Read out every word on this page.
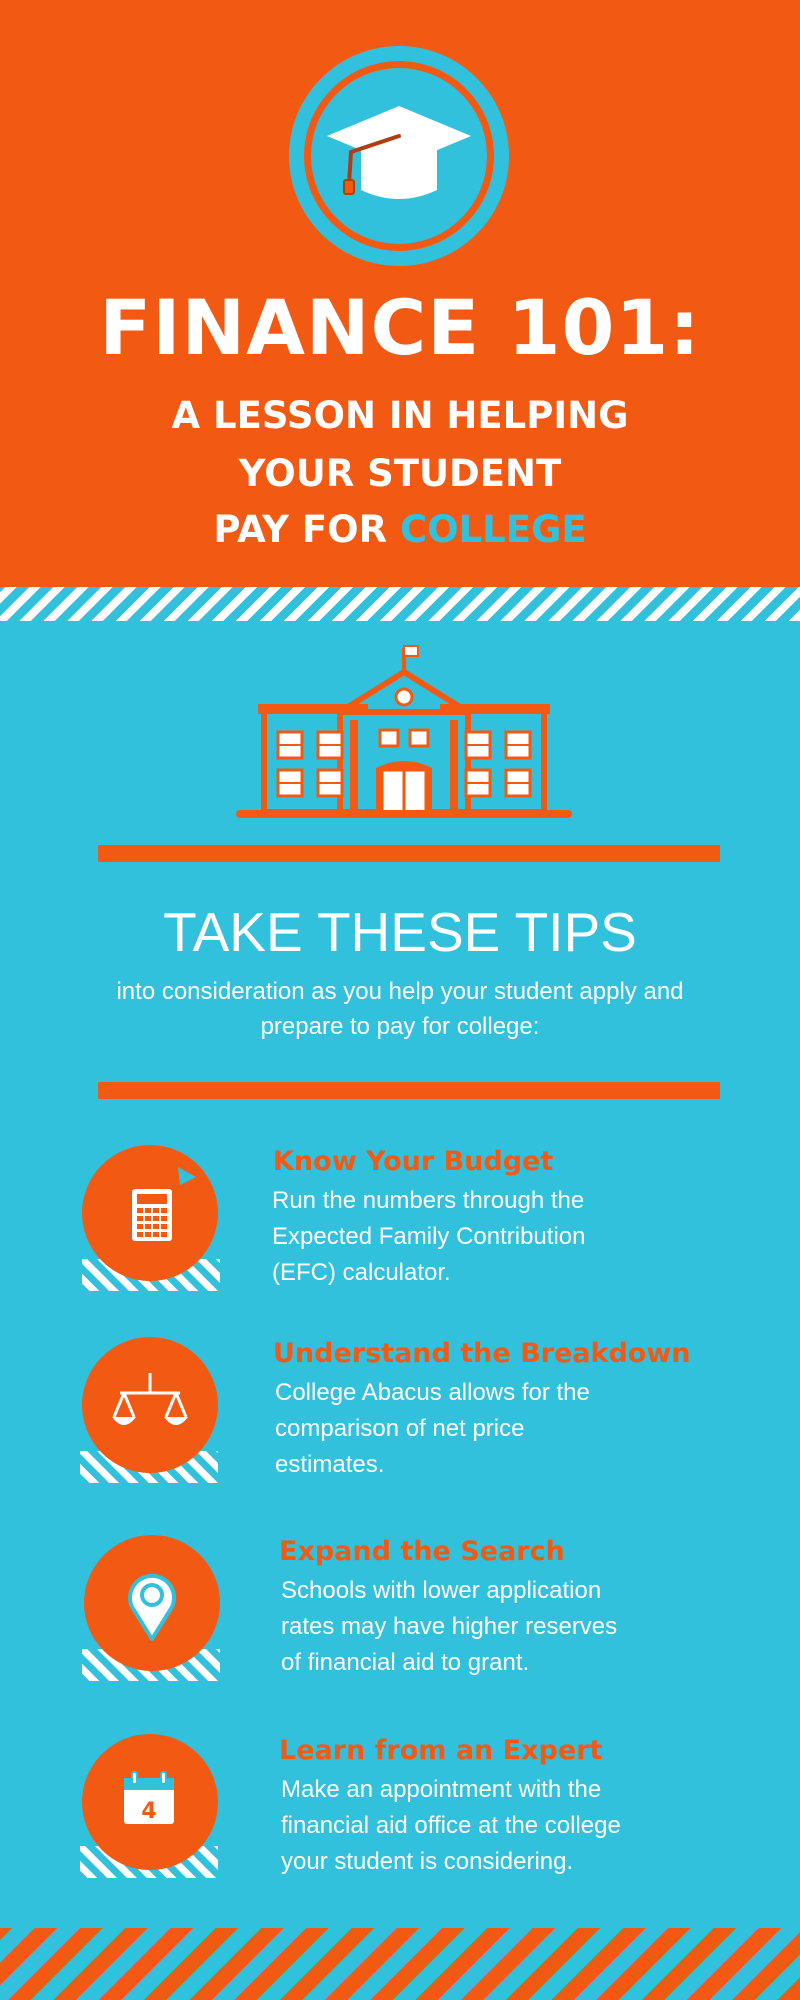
FINANCE 101:
A LESSON IN HELPING
YOUR STUDENT
PAY FOR COLLEGE
TAKE THESE TIPS
into consideration as you help your student apply and
prepare to pay for college:
Know Your Budget
Run the numbers through the
Expected Family Contribution
(EFC) calculator.
Understand the Breakdown
College Abacus allows for the
comparison of net price
estimates.
Expand the Search
Schools with lower application
rates may have higher reserves
of financial aid to grant.
4
Learn from an Expert
Make an appointment with the
financial aid office at the college
your student is considering.
